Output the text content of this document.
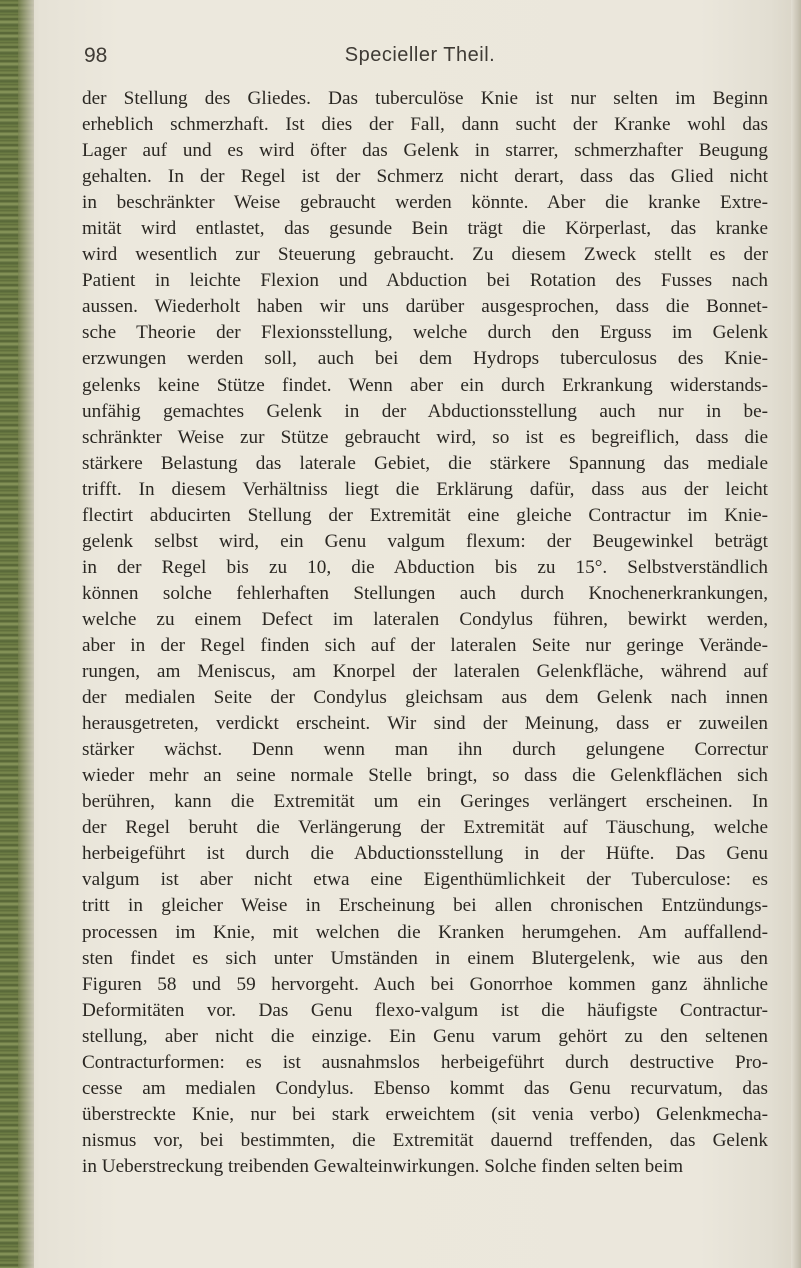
98	Specieller Theil.
der Stellung des Gliedes. Das tuberculöse Knie ist nur selten im Beginn
erheblich schmerzhaft. Ist dies der Fall, dann sucht der Kranke wohl das
Lager auf und es wird öfter das Gelenk in starrer, schmerzhafter Beugung
gehalten. In der Regel ist der Schmerz nicht derart, dass das Glied nicht
in beschränkter Weise gebraucht werden könnte. Aber die kranke Extre-
mität wird entlastet, das gesunde Bein trägt die Körperlast, das kranke
wird wesentlich zur Steuerung gebraucht. Zu diesem Zweck stellt es der
Patient in leichte Flexion und Abduction bei Rotation des Fusses nach
aussen. Wiederholt haben wir uns darüber ausgesprochen, dass die Bonnet-
sche Theorie der Flexionsstellung, welche durch den Erguss im Gelenk
erzwungen werden soll, auch bei dem Hydrops tuberculosus des Knie-
gelenks keine Stütze findet. Wenn aber ein durch Erkrankung widerstands-
unfähig gemachtes Gelenk in der Abductionsstellung auch nur in be-
schränkter Weise zur Stütze gebraucht wird, so ist es begreiflich, dass die
stärkere Belastung das laterale Gebiet, die stärkere Spannung das mediale
trifft. In diesem Verhältniss liegt die Erklärung dafür, dass aus der leicht
flectirt abducirten Stellung der Extremität eine gleiche Contractur im Knie-
gelenk selbst wird, ein Genu valgum flexum: der Beugewinkel beträgt
in der Regel bis zu 10, die Abduction bis zu 15°. Selbstverständlich
können solche fehlerhaften Stellungen auch durch Knochenerkrankungen,
welche zu einem Defect im lateralen Condylus führen, bewirkt werden,
aber in der Regel finden sich auf der lateralen Seite nur geringe Verände-
rungen, am Meniscus, am Knorpel der lateralen Gelenkfläche, während auf
der medialen Seite der Condylus gleichsam aus dem Gelenk nach innen
herausgetreten, verdickt erscheint. Wir sind der Meinung, dass er zuweilen
stärker wächst. Denn wenn man ihn durch gelungene Correctur
wieder mehr an seine normale Stelle bringt, so dass die Gelenkflächen sich
berühren, kann die Extremität um ein Geringes verlängert erscheinen. In
der Regel beruht die Verlängerung der Extremität auf Täuschung, welche
herbeigeführt ist durch die Abductionsstellung in der Hüfte. Das Genu
valgum ist aber nicht etwa eine Eigenthümlichkeit der Tuberculose: es
tritt in gleicher Weise in Erscheinung bei allen chronischen Entzündungs-
processen im Knie, mit welchen die Kranken herumgehen. Am auffallend-
sten findet es sich unter Umständen in einem Blutergelenk, wie aus den
Figuren 58 und 59 hervorgeht. Auch bei Gonorrhoe kommen ganz ähnliche
Deformitäten vor. Das Genu flexo-valgum ist die häufigste Contractur-
stellung, aber nicht die einzige. Ein Genu varum gehört zu den seltenen
Contracturformen: es ist ausnahmslos herbeigeführt durch destructive Pro-
cesse am medialen Condylus. Ebenso kommt das Genu recurvatum, das
überstreckte Knie, nur bei stark erweichtem (sit venia verbo) Gelenkmecha-
nismus vor, bei bestimmten, die Extremität dauernd treffenden, das Gelenk
in Ueberstreckung treibenden Gewalteinwirkungen. Solche finden selten beim
